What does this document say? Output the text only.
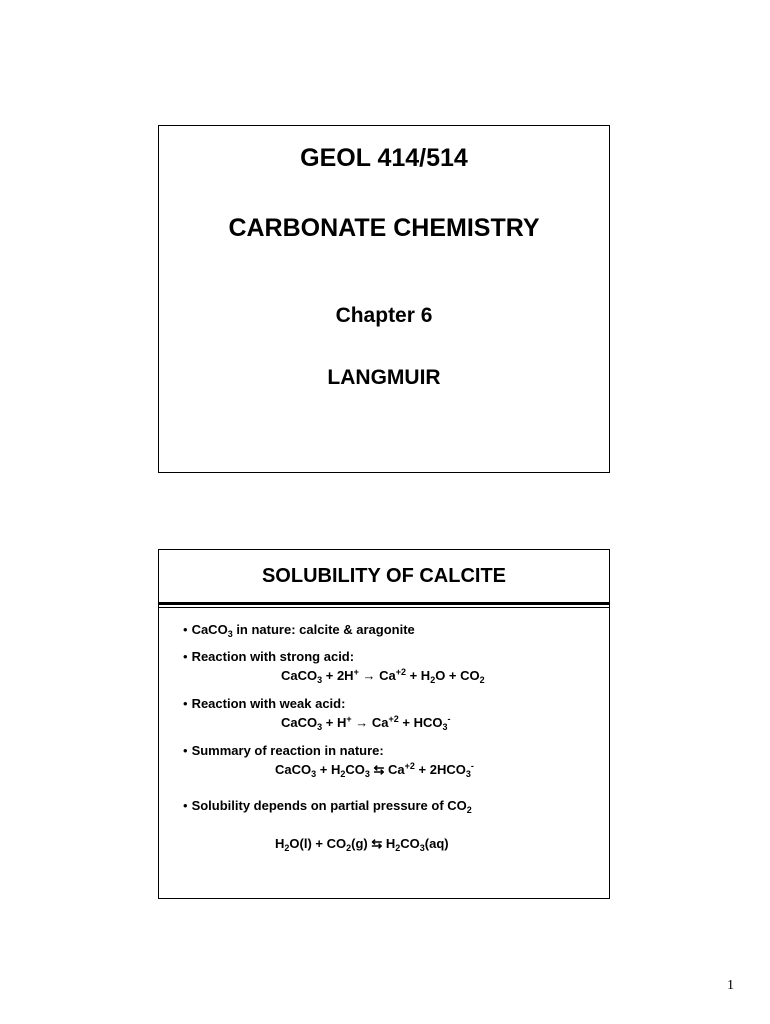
GEOL 414/514
CARBONATE CHEMISTRY
Chapter 6
LANGMUIR
SOLUBILITY OF CALCITE
• CaCO$_3$ in nature: calcite & aragonite
• Reaction with strong acid:
CaCO$_3$ + $2H^+ \to Ca^{+2} + H_2O + CO_2$
• Reaction with weak acid:
CaCO$_3$ + $H^+ \to Ca^{+2} + HCO_3^-$
• Summary of reaction in nature:
CaCO$_3$ + $H_2CO_3$ ⇆ $Ca^{+2} + 2HCO_3^-$
• Solubility depends on partial pressure of $CO_2$
$H_2O(l) + CO_2(g)$ ⇆ $H_2CO_3(aq)$
1
